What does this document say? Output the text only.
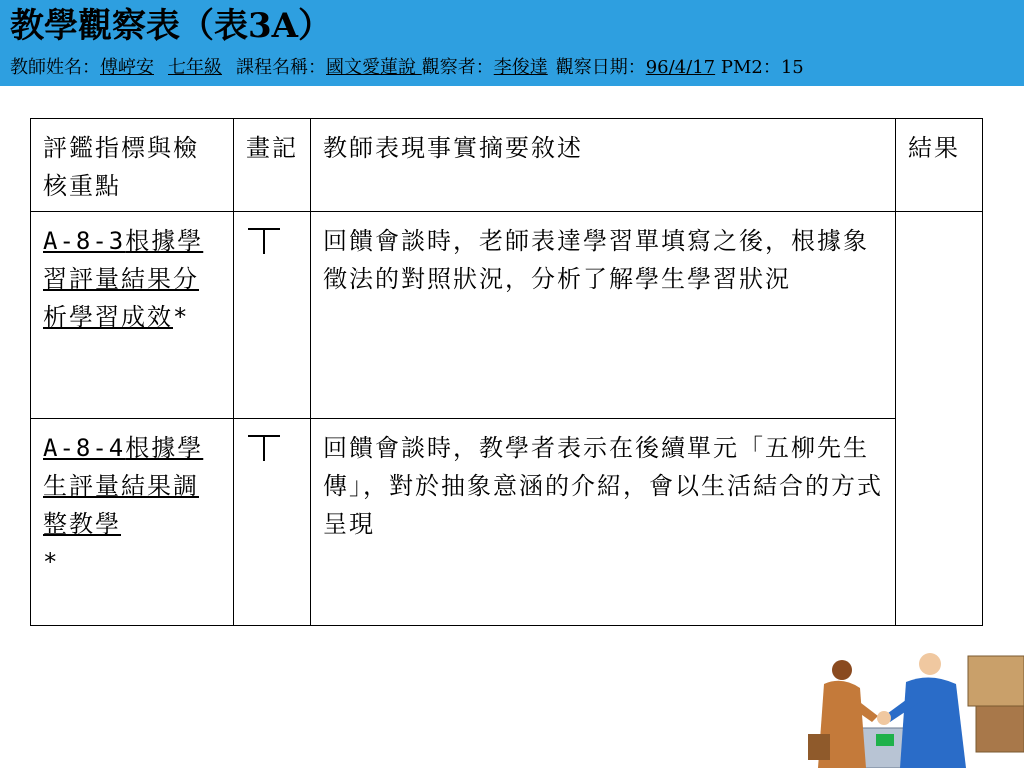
教學觀察表（表3A）
教師姓名：傅嵉安 七年級 課程名稱：國文愛蓮說 觀察者：李俊達 觀察日期：96/4/17 PM2：15
評鑑指標與檢核重點	畫記	教師表現事實摘要敘述	結果
A-8-3根據學習評量結果分析學習成效*		回饋會談時，老師表達學習單填寫之後，根據象徵法的對照狀況，分析了解學生學習狀況	
A-8-4根據學生評量結果調整教學
*		回饋會談時，教學者表示在後續單元「五柳先生傳」，對於抽象意涵的介紹，會以生活結合的方式呈現	
